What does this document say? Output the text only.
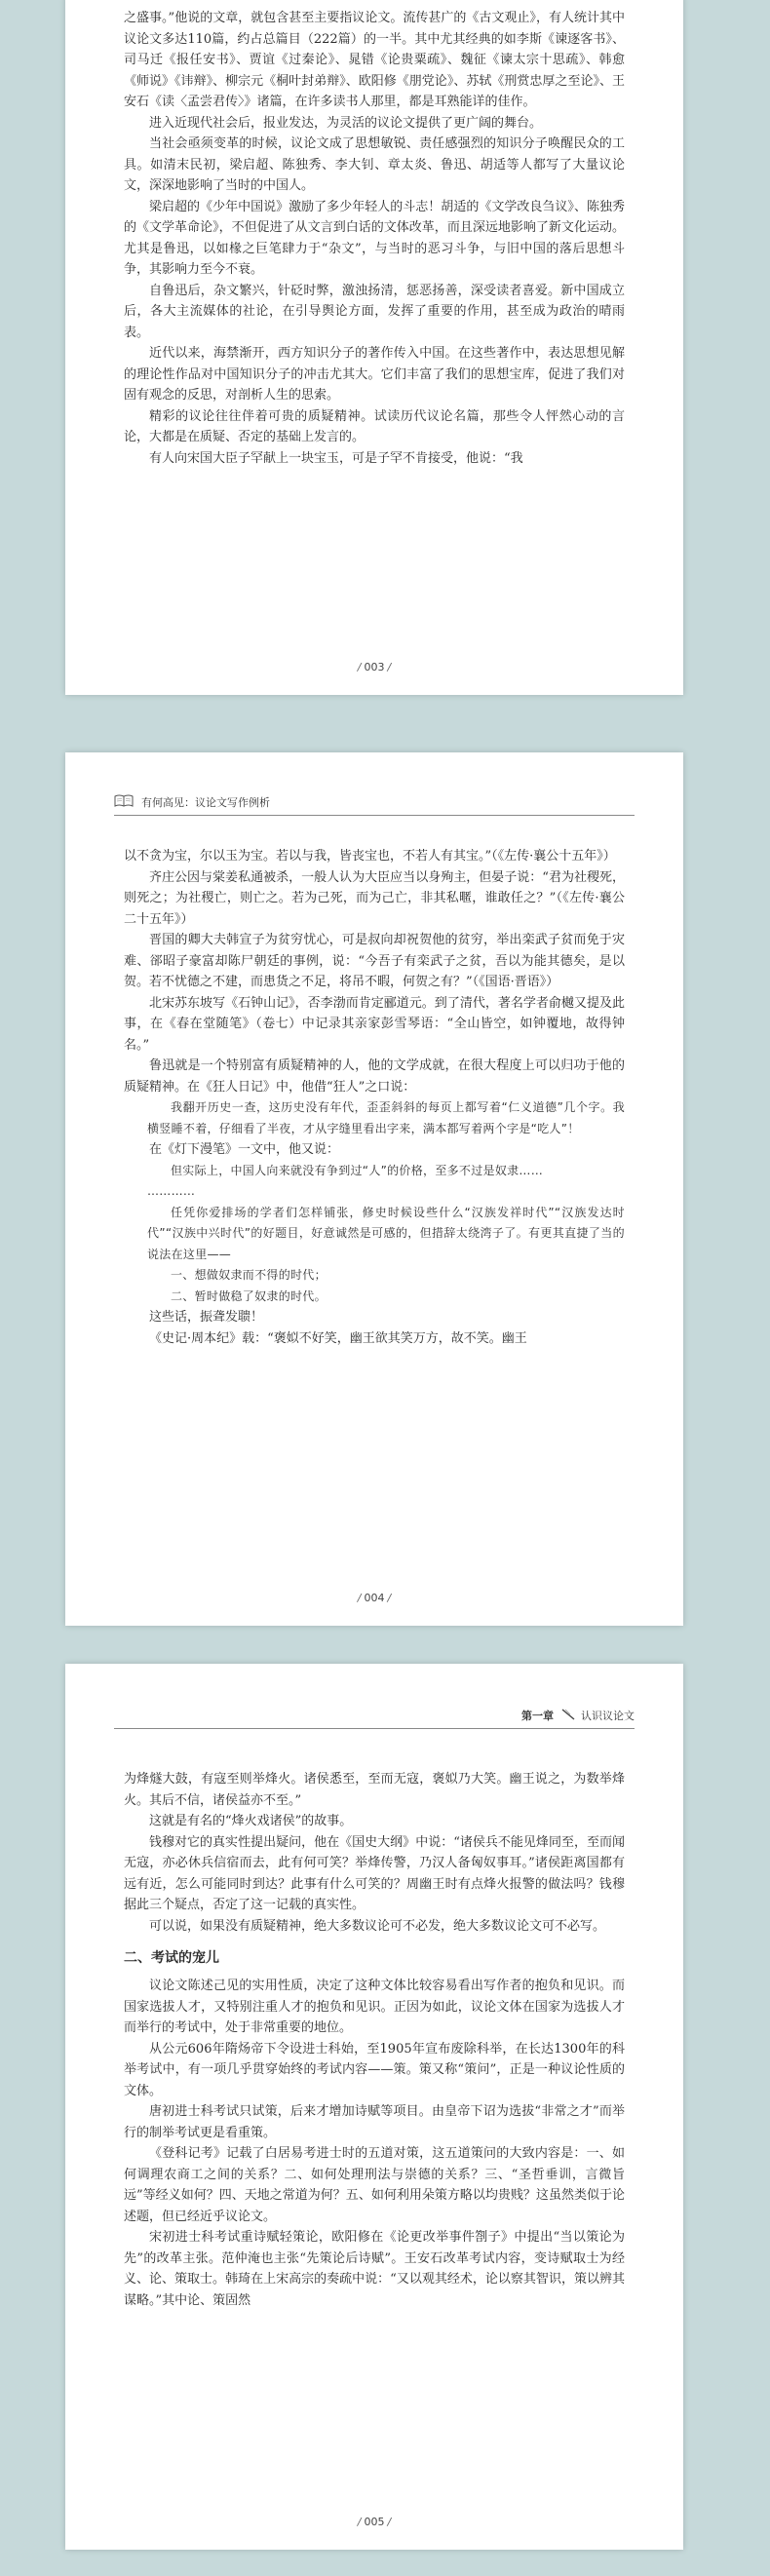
之盛事。”他说的文章，就包含甚至主要指议论文。流传甚广的《古文观止》，有人统计其中议论文多达110篇，约占总篇目（222篇）的一半。其中尤其经典的如李斯《谏逐客书》、司马迁《报任安书》、贾谊《过秦论》、晁错《论贵粟疏》、魏征《谏太宗十思疏》、韩愈《师说》《讳辩》、柳宗元《桐叶封弟辩》、欧阳修《朋党论》、苏轼《刑赏忠厚之至论》、王安石《读〈孟尝君传〉》诸篇，在许多读书人那里，都是耳熟能详的佳作。

进入近现代社会后，报业发达，为灵活的议论文提供了更广阔的舞台。

当社会亟须变革的时候，议论文成了思想敏锐、责任感强烈的知识分子唤醒民众的工具。如清末民初，梁启超、陈独秀、李大钊、章太炎、鲁迅、胡适等人都写了大量议论文，深深地影响了当时的中国人。

梁启超的《少年中国说》激励了多少年轻人的斗志！胡适的《文学改良刍议》、陈独秀的《文学革命论》，不但促进了从文言到白话的文体改革，而且深远地影响了新文化运动。尤其是鲁迅，以如椽之巨笔肆力于“杂文”，与当时的恶习斗争，与旧中国的落后思想斗争，其影响力至今不衰。

自鲁迅后，杂文繁兴，针砭时弊，激浊扬清，惩恶扬善，深受读者喜爱。新中国成立后，各大主流媒体的社论，在引导舆论方面，发挥了重要的作用，甚至成为政治的晴雨表。

近代以来，海禁渐开，西方知识分子的著作传入中国。在这些著作中，表达思想见解的理论性作品对中国知识分子的冲击尤其大。它们丰富了我们的思想宝库，促进了我们对固有观念的反思，对剖析人生的思索。

精彩的议论往往伴着可贵的质疑精神。试读历代议论名篇，那些令人怦然心动的言论，大都是在质疑、否定的基础上发言的。

有人向宋国大臣子罕献上一块宝玉，可是子罕不肯接受，他说：“我

/ 003 /
有何高见：议论文写作例析

以不贪为宝，尔以玉为宝。若以与我，皆丧宝也，不若人有其宝。”（《左传·襄公十五年》）

齐庄公因与棠姜私通被杀，一般人认为大臣应当以身殉主，但晏子说：“君为社稷死，则死之；为社稷亡，则亡之。若为己死，而为己亡，非其私暱，谁敢任之？”（《左传·襄公二十五年》）

晋国的卿大夫韩宣子为贫穷忧心，可是叔向却祝贺他的贫穷，举出栾武子贫而免于灾难、郤昭子豪富却陈尸朝廷的事例，说：“今吾子有栾武子之贫，吾以为能其德矣，是以贺。若不忧德之不建，而患货之不足，将吊不暇，何贺之有？”（《国语·晋语》）

北宋苏东坡写《石钟山记》，否李渤而肯定郦道元。到了清代，著名学者俞樾又提及此事，在《春在堂随笔》（卷七）中记录其亲家彭雪琴语：“全山皆空，如钟覆地，故得钟名。”

鲁迅就是一个特别富有质疑精神的人，他的文学成就，在很大程度上可以归功于他的质疑精神。在《狂人日记》中，他借“狂人”之口说：

我翻开历史一查，这历史没有年代，歪歪斜斜的每页上都写着“仁义道德”几个字。我横竖睡不着，仔细看了半夜，才从字缝里看出字来，满本都写着两个字是“吃人”！

在《灯下漫笔》一文中，他又说：

但实际上，中国人向来就没有争到过“人”的价格，至多不过是奴隶……

…………

任凭你爱排场的学者们怎样铺张，修史时候设些什么“汉族发祥时代”“汉族发达时代”“汉族中兴时代”的好题目，好意诚然是可感的，但措辞太绕湾子了。有更其直捷了当的说法在这里——

一、想做奴隶而不得的时代；

二、暂时做稳了奴隶的时代。

这些话，振聋发聩！

《史记·周本纪》载：“褒姒不好笑，幽王欲其笑万方，故不笑。幽王

/ 004 /
第一章	认识议论文

为烽燧大鼓，有寇至则举烽火。诸侯悉至，至而无寇，褒姒乃大笑。幽王说之，为数举烽火。其后不信，诸侯益亦不至。”

这就是有名的“烽火戏诸侯”的故事。

钱穆对它的真实性提出疑问，他在《国史大纲》中说：“诸侯兵不能见烽同至，至而闻无寇，亦必休兵信宿而去，此有何可笑？举烽传警，乃汉人备匈奴事耳。”诸侯距离国都有远有近，怎么可能同时到达？此事有什么可笑的？周幽王时有点烽火报警的做法吗？钱穆据此三个疑点，否定了这一记载的真实性。

可以说，如果没有质疑精神，绝大多数议论可不必发，绝大多数议论文可不必写。

二、考试的宠儿

议论文陈述己见的实用性质，决定了这种文体比较容易看出写作者的抱负和见识。而国家选拔人才，又特别注重人才的抱负和见识。正因为如此，议论文体在国家为选拔人才而举行的考试中，处于非常重要的地位。

从公元606年隋炀帝下令设进士科始，至1905年宣布废除科举，在长达1300年的科举考试中，有一项几乎贯穿始终的考试内容——策。策又称“策问”，正是一种议论性质的文体。

唐初进士科考试只试策，后来才增加诗赋等项目。由皇帝下诏为选拔“非常之才”而举行的制举考试更是看重策。

《登科记考》记载了白居易考进士时的五道对策，这五道策问的大致内容是：一、如何调理农商工之间的关系？二、如何处理刑法与崇德的关系？三、“圣哲垂训，言微旨远”等经义如何？四、天地之常道为何？五、如何利用朵策方略以均贵贱？这虽然类似于论述题，但已经近乎议论文。

宋初进士科考试重诗赋轻策论，欧阳修在《论更改举事件劄子》中提出“当以策论为先”的改革主张。范仲淹也主张“先策论后诗赋”。王安石改革考试内容，变诗赋取士为经义、论、策取士。韩琦在上宋高宗的奏疏中说：“又以观其经术，论以察其智识，策以辨其谋略。”其中论、策固然

/ 005 /
